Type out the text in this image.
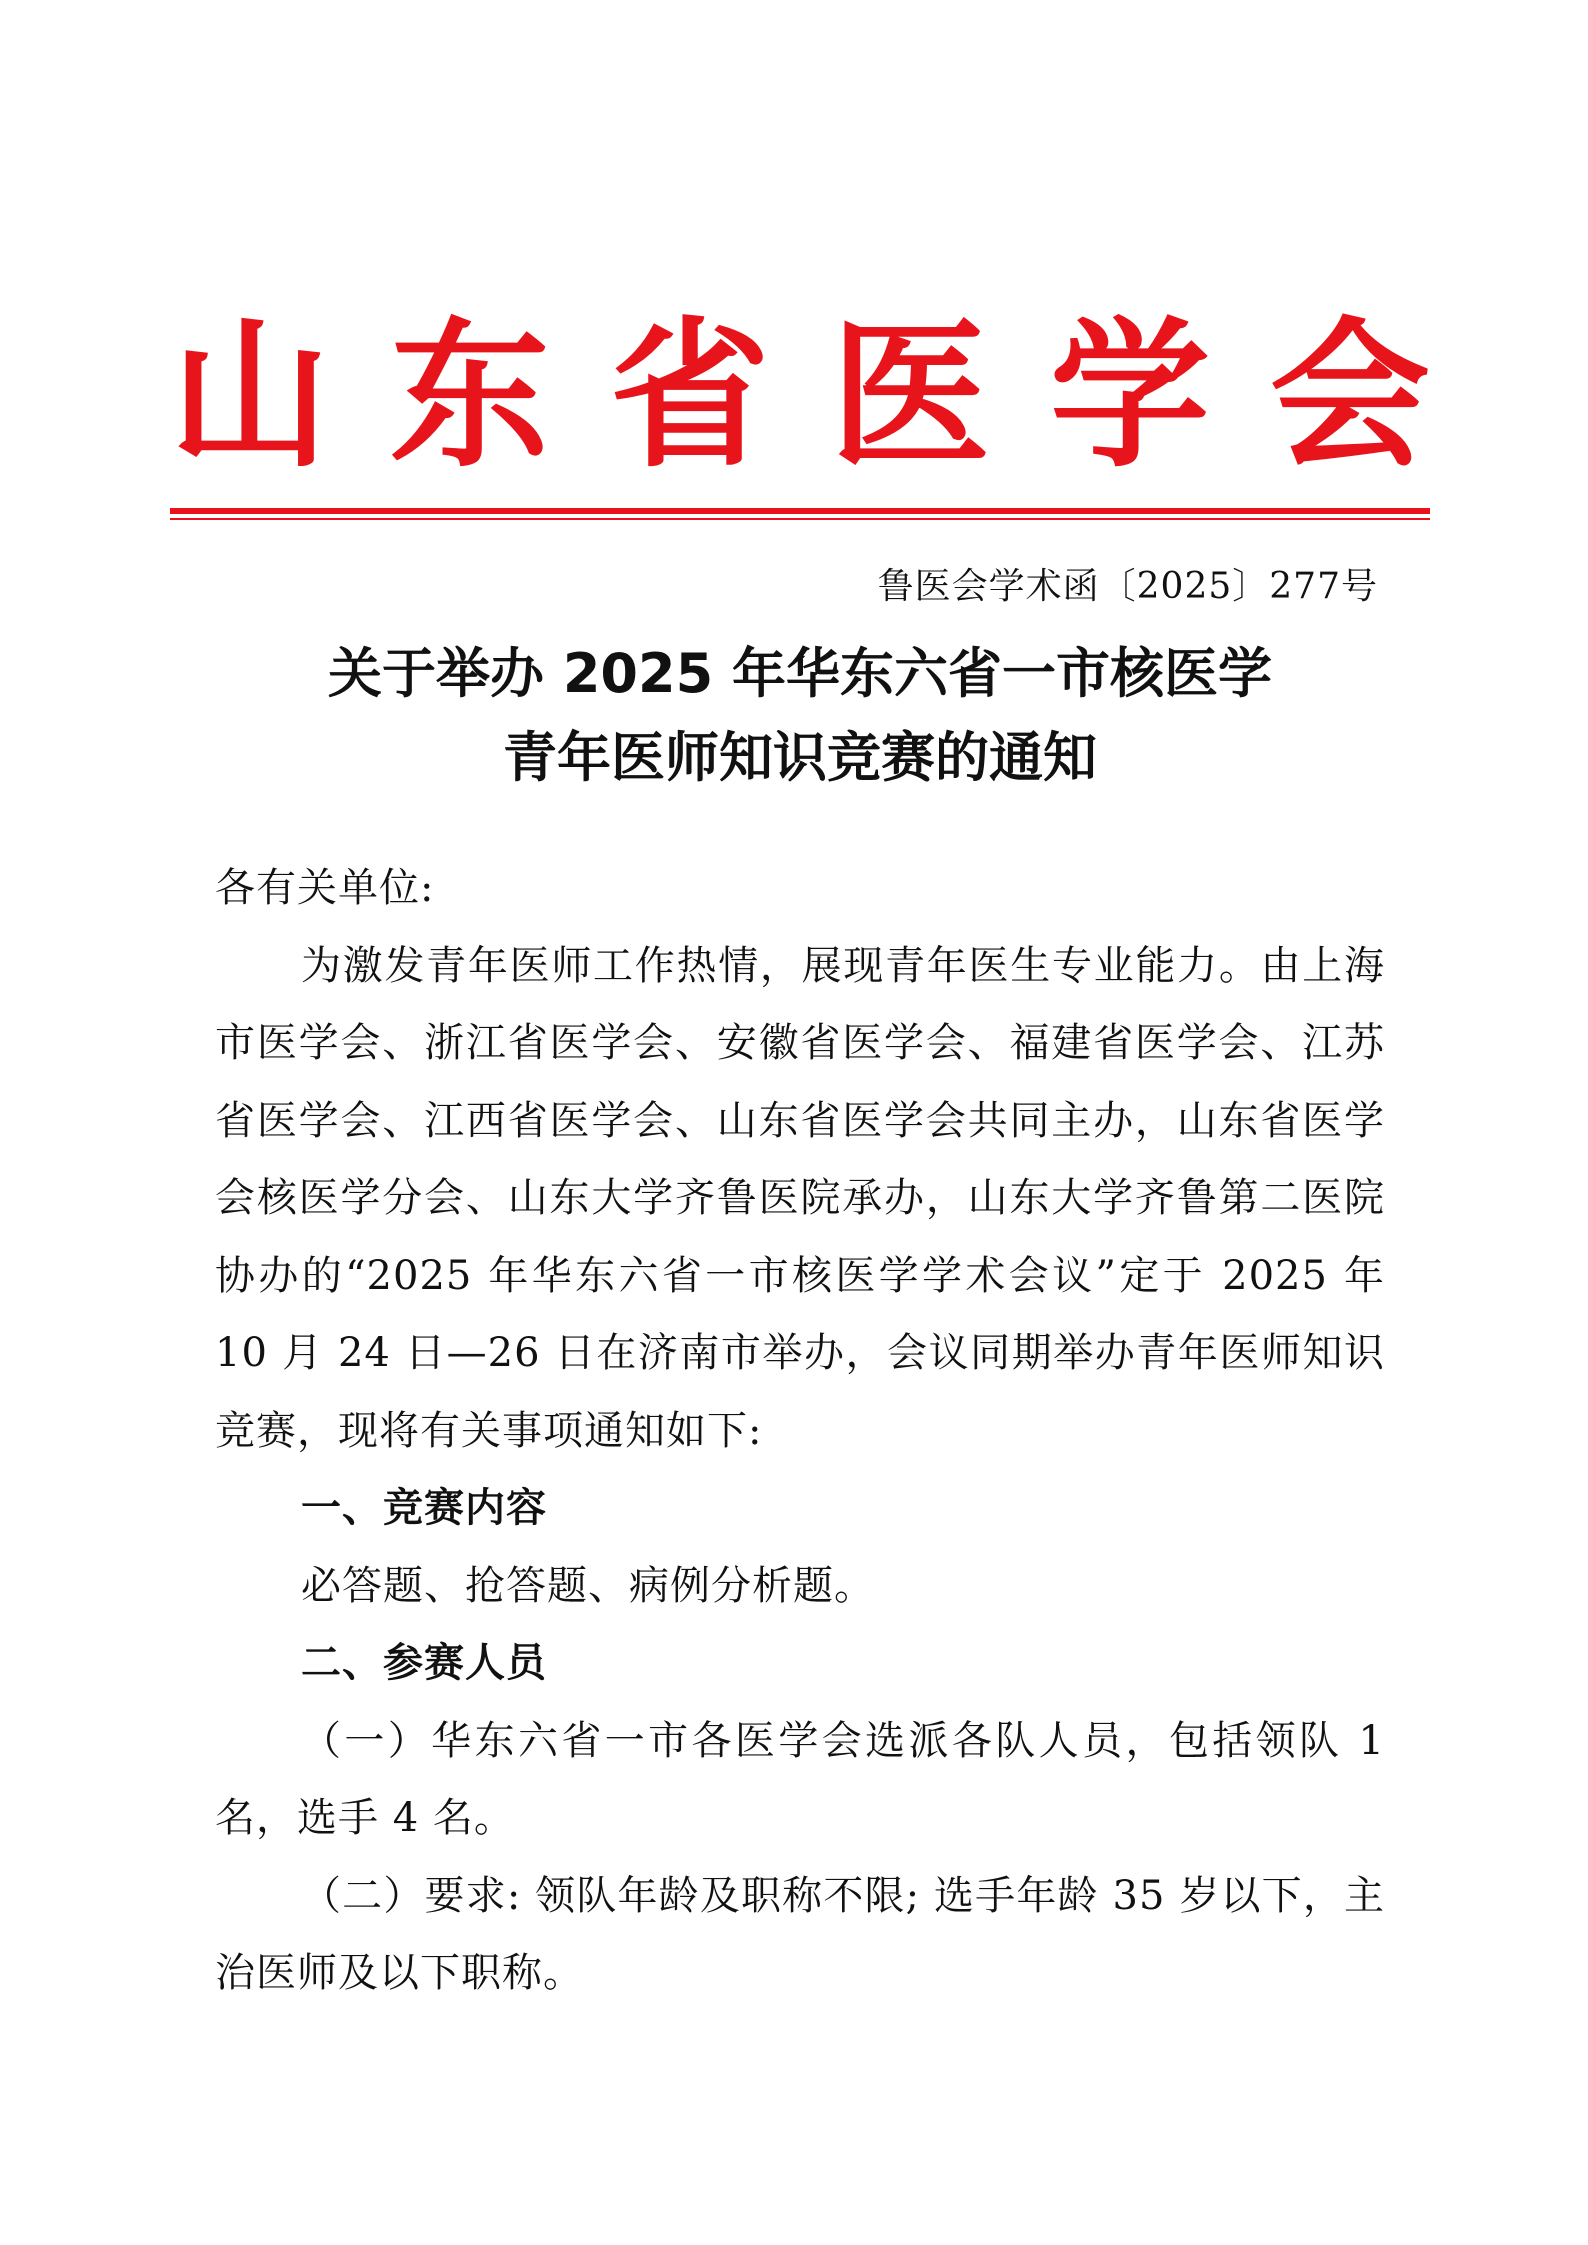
山 东 省 医 学 会
鲁医会学术函〔2025〕277号
关于举办 2025 年华东六省一市核医学
青年医师知识竞赛的通知

各有关单位:

为激发青年医师工作热情，展现青年医生专业能力。由上海市医学会、浙江省医学会、安徽省医学会、福建省医学会、江苏省医学会、江西省医学会、山东省医学会共同主办，山东省医学会核医学分会、山东大学齐鲁医院承办，山东大学齐鲁第二医院协办的“2025 年华东六省一市核医学学术会议”定于 2025 年 10 月 24 日—26 日在济南市举办，会议同期举办青年医师知识竞赛，现将有关事项通知如下:

一、竞赛内容

必答题、抢答题、病例分析题。

二、参赛人员

（一）华东六省一市各医学会选派各队人员，包括领队 1 名，选手 4 名。

（二）要求: 领队年龄及职称不限; 选手年龄 35 岁以下，主治医师及以下职称。
